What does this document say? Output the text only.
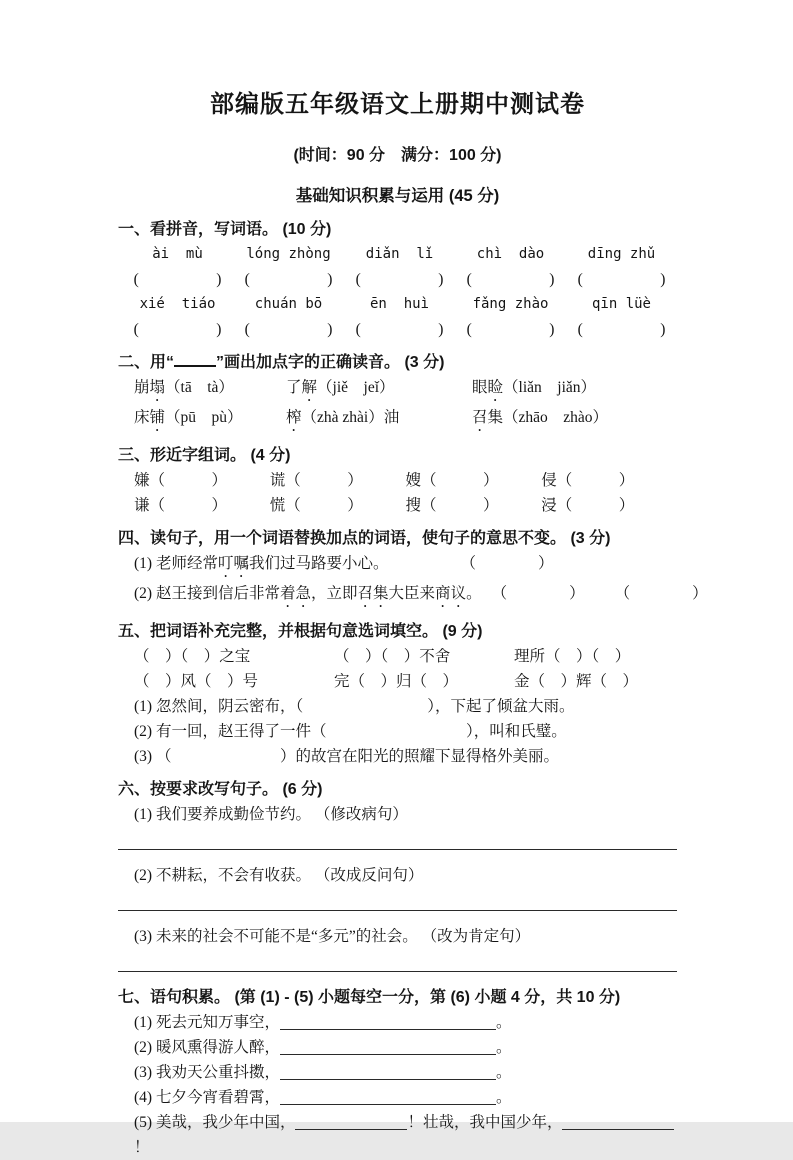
部编版五年级语文上册期中测试卷
(时间：90 分　满分：100 分)
基础知识积累与运用 (45 分)
一、看拼音，写词语。 (10 分)
ài  mù	lóng zhòng	diǎn  lǐ	chì  dào	dīng zhǔ
(　　　　　)	(　　　　　)	(　　　　　)	(　　　　　)	(　　　　　)
xié  tiáo	chuán bō	ēn  huì	fǎng zhào	qīn lüè
(　　　　　)	(　　　　　)	(　　　　　)	(　　　　　)	(　　　　　)
二、用“	”画出加点字的正确读音。 (3 分)
崩塌（tā　tà）	了解（jiě　jeǐ）	眼睑（liǎn　jiǎn）
床铺（pū　pù）	榨（zhà zhài）油	召集（zhāo　zhào）
三、形近字组词。 (4 分)
嫌（　　　）	谎（　　　）	嫂（　　　）	侵（　　　）
谦（　　　）	慌（　　　）	搜（　　　）	浸（　　　）
四、读句子，用一个词语替换加点的词语，使句子的意思不变。 (3 分)
(1) 老师经常叮嘱我们过马路要小心。	（　　　　）
(2) 赵王接到信后非常着急，立即召集大臣来商议。 （　　　　） （　　　　）
五、把词语补充完整，并根据句意选词填空。 (9 分)
（　）（　）之宝	（　）（　）不舍	理所（　）（　）
（　）风（　）号	完（　）归（　）	金（　）辉（　）
(1) 忽然间，阴云密布，（　　　　　　　　），下起了倾盆大雨。
(2) 有一回，赵王得了一件（　　　　　　　　　），叫和氏璧。
(3) （　　　　　　　）的故宫在阳光的照耀下显得格外美丽。
六、按要求改写句子。 (6 分)
(1) 我们要养成勤俭节约。 （修改病句）
(2) 不耕耘，不会有收获。 （改成反问句）
(3) 未来的社会不可能不是“多元”的社会。 （改为肯定句）
七、语句积累。 (第 (1) - (5) 小题每空一分，第 (6) 小题 4 分，共 10 分)
(1) 死去元知万事空，	。
(2) 暖风熏得游人醉，	。
(3) 我劝天公重抖擞，	。
(4) 七夕今宵看碧霄，	。
(5) 美哉，我少年中国，	！壮哉，我中国少年，！
